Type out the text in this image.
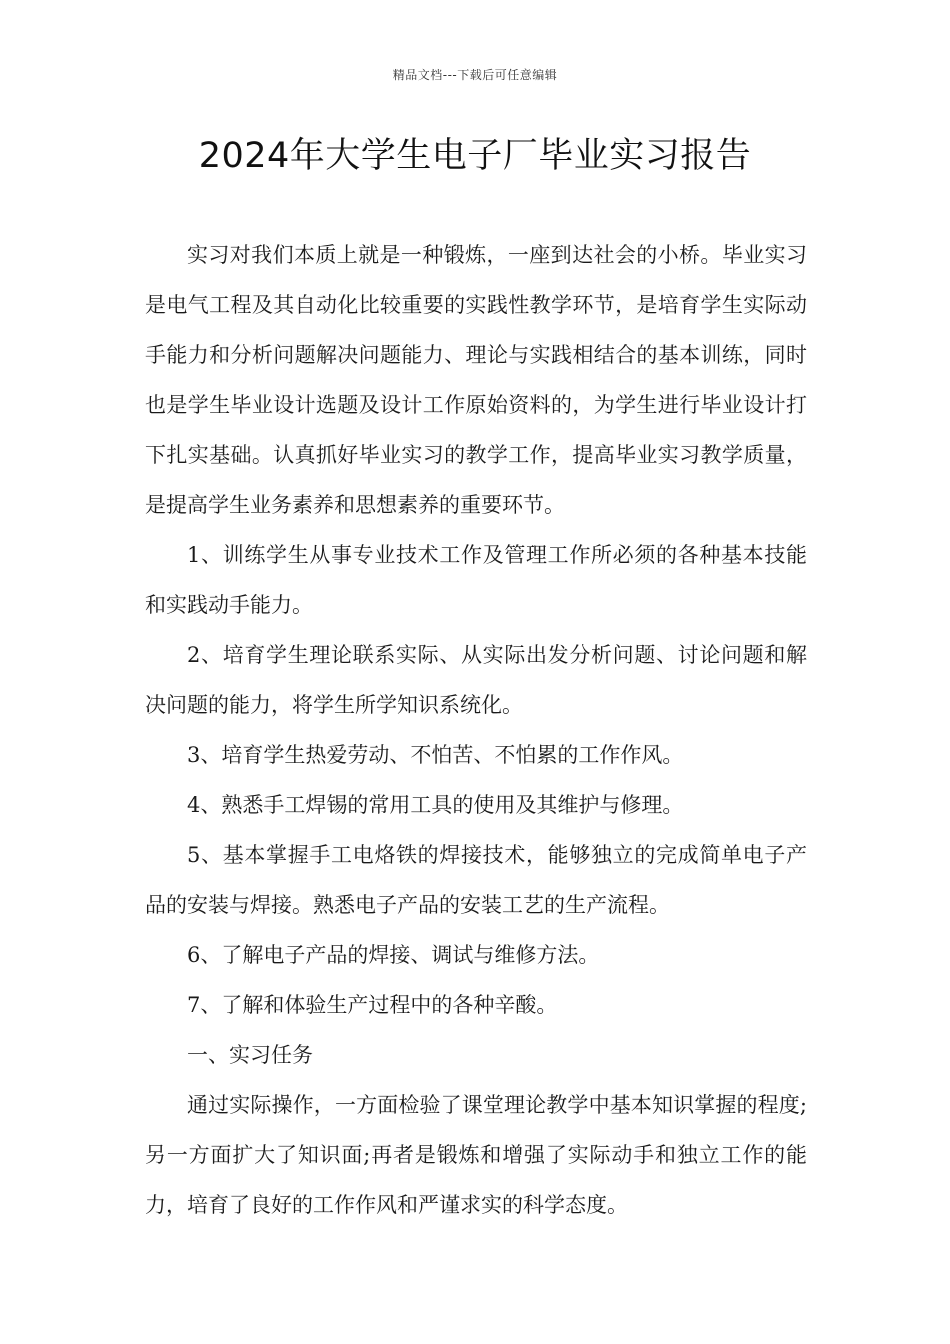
精品文档---下载后可任意编辑
2024年大学生电子厂毕业实习报告

实习对我们本质上就是一种锻炼，一座到达社会的小桥。毕业实习是电气工程及其自动化比较重要的实践性教学环节，是培育学生实际动手能力和分析问题解决问题能力、理论与实践相结合的基本训练，同时也是学生毕业设计选题及设计工作原始资料的，为学生进行毕业设计打下扎实基础。认真抓好毕业实习的教学工作，提高毕业实习教学质量，是提高学生业务素养和思想素养的重要环节。

1、训练学生从事专业技术工作及管理工作所必须的各种基本技能和实践动手能力。

2、培育学生理论联系实际、从实际出发分析问题、讨论问题和解决问题的能力，将学生所学知识系统化。

3、培育学生热爱劳动、不怕苦、不怕累的工作作风。

4、熟悉手工焊锡的常用工具的使用及其维护与修理。

5、基本掌握手工电烙铁的焊接技术，能够独立的完成简单电子产品的安装与焊接。熟悉电子产品的安装工艺的生产流程。

6、了解电子产品的焊接、调试与维修方法。

7、了解和体验生产过程中的各种辛酸。

一、实习任务

通过实际操作，一方面检验了课堂理论教学中基本知识掌握的程度;另一方面扩大了知识面;再者是锻炼和增强了实际动手和独立工作的能力，培育了良好的工作作风和严谨求实的科学态度。
